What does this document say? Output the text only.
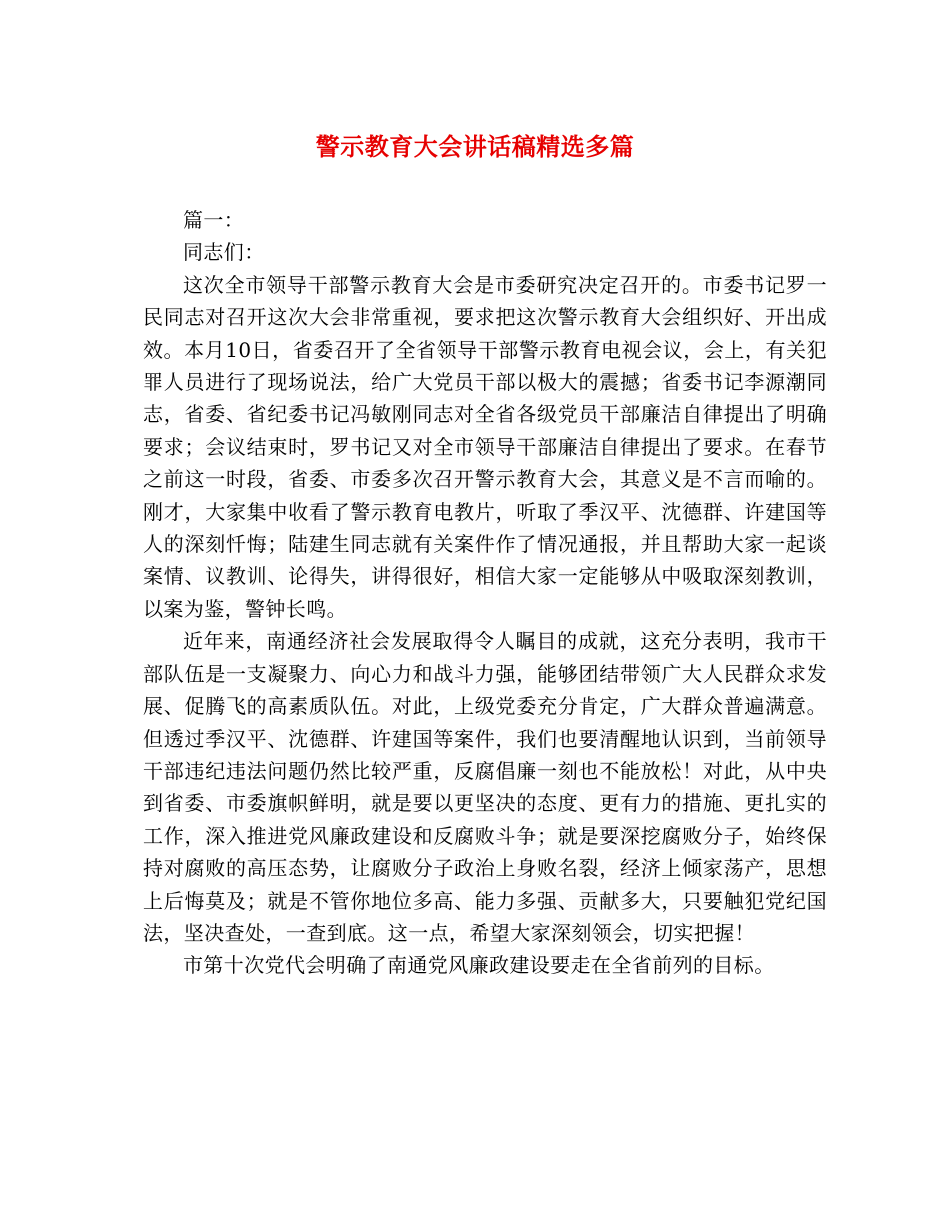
警示教育大会讲话稿精选多篇

篇一：

同志们：

这次全市领导干部警示教育大会是市委研究决定召开的。市委书记罗一民同志对召开这次大会非常重视，要求把这次警示教育大会组织好、开出成效。本月10日，省委召开了全省领导干部警示教育电视会议，会上，有关犯罪人员进行了现场说法，给广大党员干部以极大的震撼；省委书记李源潮同志，省委、省纪委书记冯敏刚同志对全省各级党员干部廉洁自律提出了明确要求；会议结束时，罗书记又对全市领导干部廉洁自律提出了要求。在春节之前这一时段，省委、市委多次召开警示教育大会，其意义是不言而喻的。刚才，大家集中收看了警示教育电教片，听取了季汉平、沈德群、许建国等人的深刻忏悔；陆建生同志就有关案件作了情况通报，并且帮助大家一起谈案情、议教训、论得失，讲得很好，相信大家一定能够从中吸取深刻教训，以案为鉴，警钟长鸣。

近年来，南通经济社会发展取得令人瞩目的成就，这充分表明，我市干部队伍是一支凝聚力、向心力和战斗力强，能够团结带领广大人民群众求发展、促腾飞的高素质队伍。对此，上级党委充分肯定，广大群众普遍满意。但透过季汉平、沈德群、许建国等案件，我们也要清醒地认识到，当前领导干部违纪违法问题仍然比较严重，反腐倡廉一刻也不能放松！对此，从中央到省委、市委旗帜鲜明，就是要以更坚决的态度、更有力的措施、更扎实的工作，深入推进党风廉政建设和反腐败斗争；就是要深挖腐败分子，始终保持对腐败的高压态势，让腐败分子政治上身败名裂，经济上倾家荡产，思想上后悔莫及；就是不管你地位多高、能力多强、贡献多大，只要触犯党纪国法，坚决查处，一查到底。这一点，希望大家深刻领会，切实把握！

市第十次党代会明确了南通党风廉政建设要走在全省前列的目标。
